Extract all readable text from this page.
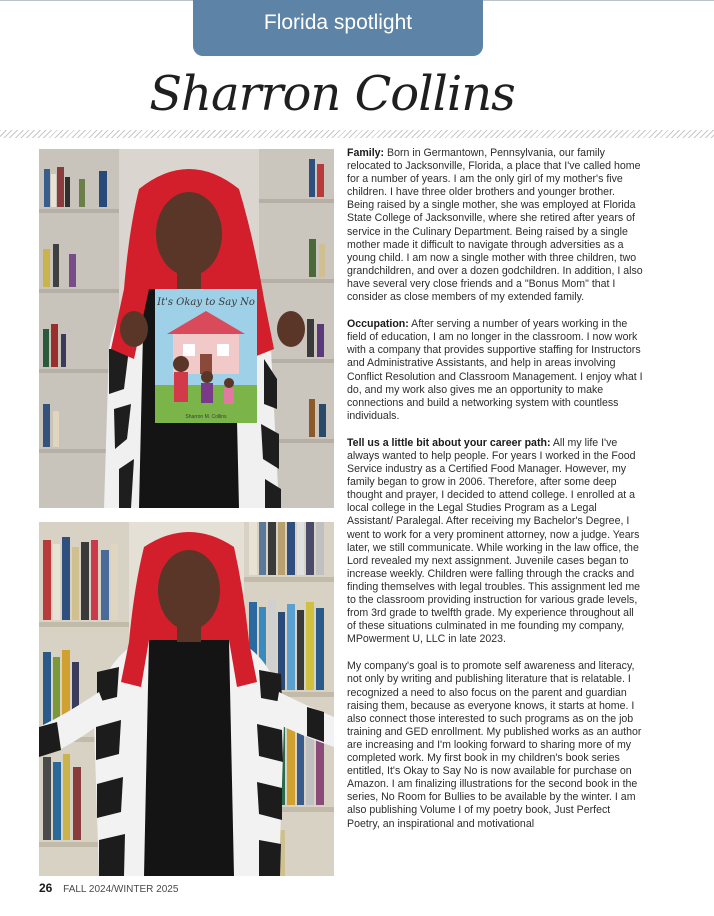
Florida spotlight
Sharron Collins
It's Okay to Say No
Sharron M. Collins

Family: Born in Germantown, Pennsylvania, our family relocated to Jacksonville, Florida, a place that I've called home for a number of years. I am the only girl of my mother's five children. I have three older brothers and younger brother. Being raised by a single mother, she was employed at Florida State College of Jacksonville, where she retired after years of service in the Culinary Department. Being raised by a single mother made it difficult to navigate through adversities as a young child. I am now a single mother with three children, two grandchildren, and over a dozen godchildren. In addition, I also have several very close friends and a "Bonus Mom" that I consider as close members of my extended family.

Occupation: After serving a number of years working in the field of education, I am no longer in the classroom. I now work with a company that provides supportive staffing for Instructors and Administrative Assistants, and help in areas involving Conflict Resolution and Classroom Management. I enjoy what I do, and my work also gives me an opportunity to make connections and build a networking system with countless individuals.

Tell us a little bit about your career path: All my life I've always wanted to help people. For years I worked in the Food Service industry as a Certified Food Manager. However, my family began to grow in 2006. Therefore, after some deep thought and prayer, I decided to attend college. I enrolled at a local college in the Legal Studies Program as a Legal Assistant/ Paralegal. After receiving my Bachelor's Degree, I went to work for a very prominent attorney, now a judge. Years later, we still communicate. While working in the law office, the Lord revealed my next assignment. Juvenile cases began to increase weekly. Children were falling through the cracks and finding themselves with legal troubles. This assignment led me to the classroom providing instruction for various grade levels, from 3rd grade to twelfth grade. My experience throughout all of these situations culminated in me founding my company, MPowerment U, LLC in late 2023.

My company's goal is to promote self awareness and literacy, not only by writing and publishing literature that is relatable. I recognized a need to also focus on the parent and guardian raising them, because as everyone knows, it starts at home. I also connect those interested to such programs as on the job training and GED enrollment. My published works as an author are increasing and I'm looking forward to sharing more of my completed work. My first book in my children's book series entitled, It's Okay to Say No is now available for purchase on Amazon. I am finalizing illustrations for the second book in the series, No Room for Bullies to be available by the winter. I am also publishing Volume I of my poetry book, Just Perfect Poetry, an inspirational and motivational

26 FALL 2024/WINTER 2025
